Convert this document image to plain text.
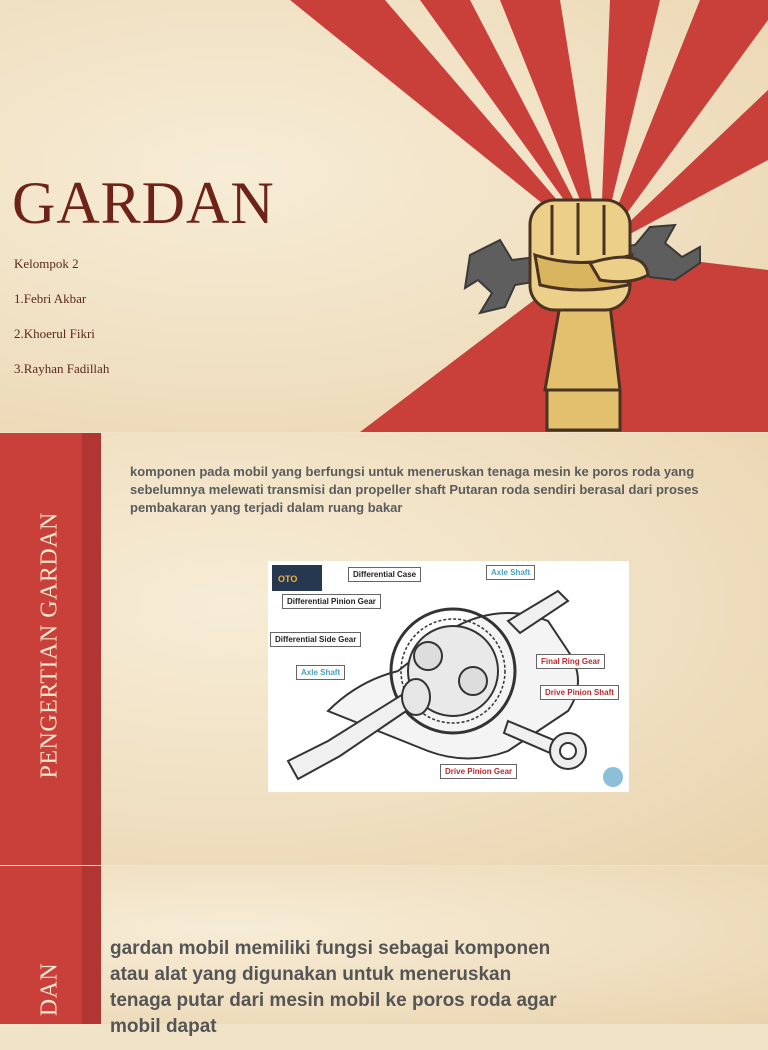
GARDAN
Kelompok 2
1.Febri Akbar
2.Khoerul Fikri
3.Rayhan Fadillah
PENGERTIAN GARDAN

komponen pada mobil yang berfungsi untuk meneruskan tenaga mesin ke poros roda yang sebelumnya melewati transmisi dan propeller shaft Putaran roda sendiri berasal dari proses pembakaran yang terjadi dalam ruang bakar

OTO	Differential Case	Axle Shaft
Differential Pinion Gear
Differential Side Gear
Axle Shaft
Final Ring Gear
Drive Pinion Shaft
Drive Pinion Gear
DAN

gardan mobil memiliki fungsi sebagai komponen atau alat yang digunakan untuk meneruskan tenaga putar dari mesin mobil ke poros roda agar mobil dapat
